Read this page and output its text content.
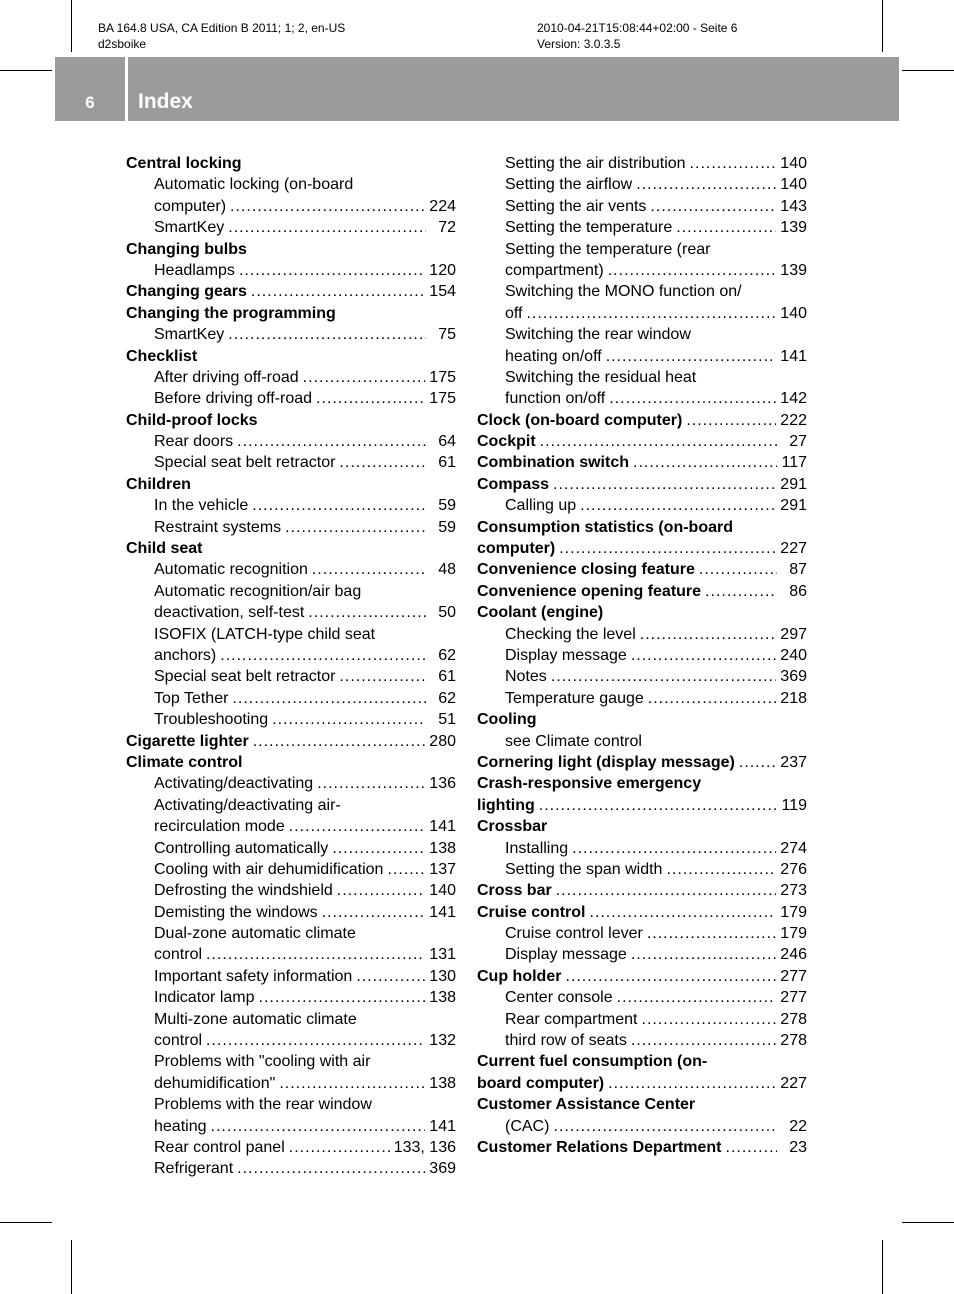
BA 164.8 USA, CA Edition B 2011; 1; 2, en-US
d2sboike
2010-04-21T15:08:44+02:00 - Seite 6
Version: 3.0.3.5
6	Index
Central locking
Automatic locking (on-board
computer) .....	224
SmartKey .....	72
Changing bulbs
Headlamps .....	120
Changing gears .....	154
Changing the programming
SmartKey .....	75
Checklist
After driving off-road .....	175
Before driving off-road .....	175
Child-proof locks
Rear doors .....	64
Special seat belt retractor .....	61
Children
In the vehicle .....	59
Restraint systems .....	59
Child seat
Automatic recognition .....	48
Automatic recognition/air bag
deactivation, self-test .....	50
ISOFIX (LATCH-type child seat
anchors) .....	62
Special seat belt retractor .....	61
Top Tether .....	62
Troubleshooting .....	51
Cigarette lighter .....	280
Climate control
Activating/deactivating .....	136
Activating/deactivating air-
recirculation mode .....	141
Controlling automatically .....	138
Cooling with air dehumidification .....	137
Defrosting the windshield .....	140
Demisting the windows .....	141
Dual-zone automatic climate
control .....	131
Important safety information .....	130
Indicator lamp .....	138
Multi-zone automatic climate
control .....	132
Problems with "cooling with air
dehumidification" .....	138
Problems with the rear window
heating .....	141
Rear control panel .....	133, 136
Refrigerant .....	369
Setting the air distribution .....	140
Setting the airflow .....	140
Setting the air vents .....	143
Setting the temperature .....	139
Setting the temperature (rear
compartment) .....	139
Switching the MONO function on/
off .....	140
Switching the rear window
heating on/off .....	141
Switching the residual heat
function on/off .....	142
Clock (on-board computer) .....	222
Cockpit .....	27
Combination switch .....	117
Compass .....	291
Calling up .....	291
Consumption statistics (on-board
computer) .....	227
Convenience closing feature .....	87
Convenience opening feature .....	86
Coolant (engine)
Checking the level .....	297
Display message .....	240
Notes .....	369
Temperature gauge .....	218
Cooling
see Climate control
Cornering light (display message) .....	237
Crash-responsive emergency
lighting .....	119
Crossbar
Installing .....	274
Setting the span width .....	276
Cross bar .....	273
Cruise control .....	179
Cruise control lever .....	179
Display message .....	246
Cup holder .....	277
Center console .....	277
Rear compartment .....	278
third row of seats .....	278
Current fuel consumption (on-
board computer) .....	227
Customer Assistance Center
(CAC) .....	22
Customer Relations Department .....	23
